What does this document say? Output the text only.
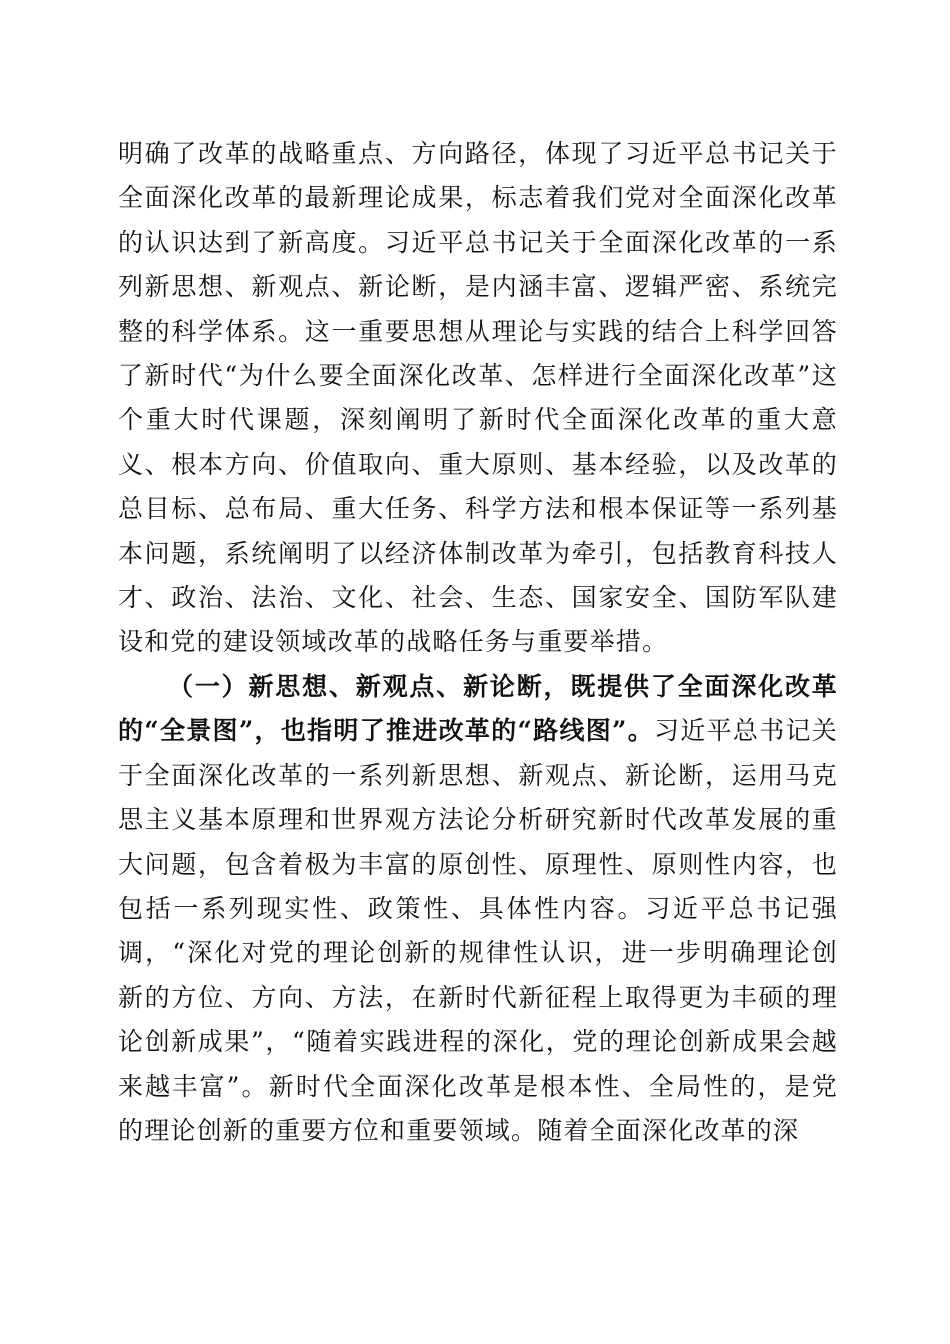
明确了改革的战略重点、方向路径，体现了习近平总书记关于全面深化改革的最新理论成果，标志着我们党对全面深化改革的认识达到了新高度。习近平总书记关于全面深化改革的一系列新思想、新观点、新论断，是内涵丰富、逻辑严密、系统完整的科学体系。这一重要思想从理论与实践的结合上科学回答了新时代“为什么要全面深化改革、怎样进行全面深化改革”这个重大时代课题，深刻阐明了新时代全面深化改革的重大意义、根本方向、价值取向、重大原则、基本经验，以及改革的总目标、总布局、重大任务、科学方法和根本保证等一系列基本问题，系统阐明了以经济体制改革为牵引，包括教育科技人才、政治、法治、文化、社会、生态、国家安全、国防军队建设和党的建设领域改革的战略任务与重要举措。

（一）新思想、新观点、新论断，既提供了全面深化改革的“全景图”，也指明了推进改革的“路线图”。习近平总书记关于全面深化改革的一系列新思想、新观点、新论断，运用马克思主义基本原理和世界观方法论分析研究新时代改革发展的重大问题，包含着极为丰富的原创性、原理性、原则性内容，也包括一系列现实性、政策性、具体性内容。习近平总书记强调，“深化对党的理论创新的规律性认识，进一步明确理论创新的方位、方向、方法，在新时代新征程上取得更为丰硕的理论创新成果”，“随着实践进程的深化，党的理论创新成果会越来越丰富”。新时代全面深化改革是根本性、全局性的，是党的理论创新的重要方位和重要领域。随着全面深化改革的深
